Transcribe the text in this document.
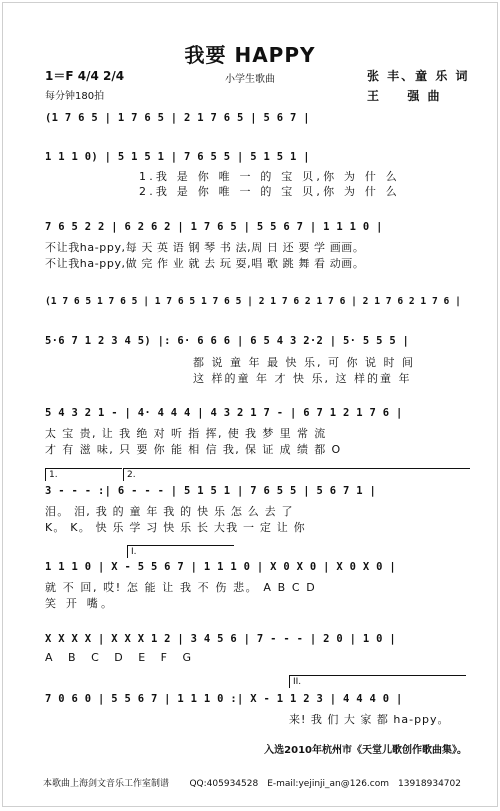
我要 HAPPY
1＝F 4/4 2/4
每分钟180拍
小学生歌曲	张 丰、童 乐 词
王 　 强 曲
(1 7 6 5 | 1 7 6 5 | 2 1 7 6 5 | 5 6 7 |
1 1 1 0) | 5 1 5 1 | 7 6 5 5 | 5 1 5 1 |
1.我 是 你 唯 一 的 宝 贝,你 为 什 么
2.我 是 你 唯 一 的 宝 贝,你 为 什 么
7 6 5 2 2 | 6 2 6 2 | 1 7 6 5 | 5 5 6 7 | 1 1 1 0 |
不让我ha-ppy,每 天 英 语 钢 琴 书 法,周 日 还 要 学 画画。
不让我ha-ppy,做 完 作 业 就 去 玩 耍,唱 歌 跳 舞 看 动画。
(1 7 6 5 1 7 6 5 | 1 7 6 5 1 7 6 5 | 2 1 7 6 2 1 7 6 | 2 1 7 6 2 1 7 6 |
5·6 7 1 2 3 4 5) |: 6· 6 6 6 | 6 5 4 3 2·2 | 5· 5 5 5 |
都 说 童 年 最 快 乐, 可 你 说 时 间
这 样的童 年 才 快 乐, 这 样的童 年
5 4 3 2 1 - | 4· 4 4 4 | 4 3 2 1 7 - | 6 7 1 2 1 7 6 |
太 宝 贵, 让 我 绝 对 听 指 挥, 使 我 梦 里 常 流
才 有 滋 味, 只 要 你 能 相 信 我, 保 证 成 绩 都 O
1.	2.
3 - - - :| 6 - - - | 5 1 5 1 | 7 6 5 5 | 5 6 7 1 |
泪。 泪, 我 的 童 年 我 的 快 乐 怎 么 去 了
K。 K。 快 乐 学 习 快 乐 长 大我 一 定 让 你
I.
1 1 1 0 | X - 5 5 6 7 | 1 1 1 0 | X 0 X 0 | X 0 X 0 |
就 不 回, 哎! 怎 能 让 我 不 伤 悲。 A B C D
笑 开 嘴。
X X X X | X X X 1 2 | 3 4 5 6 | 7 - - - | 2 0 | 1 0 |
A B C D E F G
II.
7 0 6 0 | 5 5 6 7 | 1 1 1 0 :| X - 1 1 2 3 | 4 4 4 0 |
来! 我 们 大 家 都 ha-ppy。
入选2010年杭州市《天堂儿歌创作歌曲集》。
本歌曲上海剑文音乐工作室制谱	QQ:405934528　E-mail:yejinji_an@126.com　13918934702
